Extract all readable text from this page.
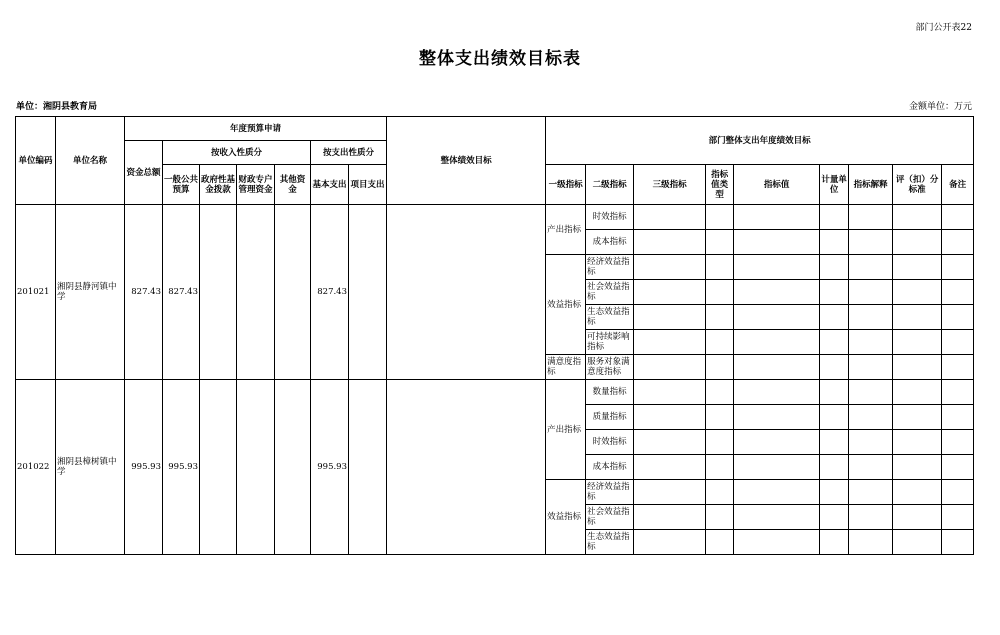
部门公开表22
整体支出绩效目标表
单位：湘阴县教育局	金额单位：万元
单位编码	单位名称	年度预算申请							整体绩效目标	部门整体支出年度绩效目标								
		资金总额	按收入性质分				按支出性质分											
			一般公共预算	政府性基金拨款	财政专户管理资金	其他资金	基本支出	项目支出		一级指标	二级指标	三级指标	指标值类型	指标值	计量单位	指标解释	评（扣）分标准	备注

201021	湘阴县静河镇中学	827.43	827.43				827.43			产出指标	时效指标							
											成本指标							
										效益指标	经济效益指标							
											社会效益指标							
											生态效益指标							
											可持续影响指标							
										满意度指标	服务对象满意度指标							
201022	湘阴县樟树镇中学	995.93	995.93				995.93			产出指标	数量指标							
											质量指标							
											时效指标							
											成本指标							
										效益指标	经济效益指标							
											社会效益指标							
											生态效益指标							
